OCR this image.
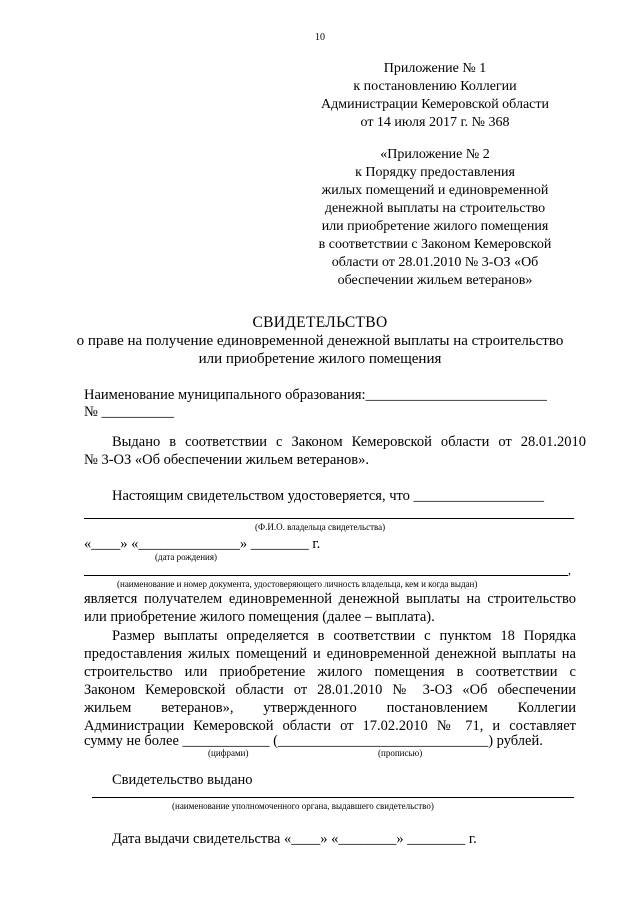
10
Приложение № 1
к постановлению Коллегии
Администрации Кемеровской области
от 14 июля 2017 г. № 368
«Приложение № 2
к Порядку предоставления
жилых помещений и единовременной
денежной выплаты на строительство
или приобретение жилого помещения
в соответствии с Законом Кемеровской
области от 28.01.2010 № 3-ОЗ «Об
обеспечении жильем ветеранов»
СВИДЕТЕЛЬСТВО
о праве на получение единовременной денежной выплаты на строительство
или приобретение жилого помещения
Наименование муниципального образования:_________________________
№ __________
Выдано в соответствии с Законом Кемеровской области от 28.01.2010
№ 3-ОЗ «Об обеспечении жильем ветеранов».
Настоящим свидетельством удостоверяется, что __________________
(Ф.И.О. владельца свидетельства)
«____» «______________» ________ г.
(дата рождения)
,
(наименование и номер документа, удостоверяющего личность владельца, кем и когда выдан)
является получателем единовременной денежной выплаты на строительство
или приобретение жилого помещения (далее – выплата).
Размер выплаты определяется в соответствии с пунктом 18 Порядка
предоставления жилых помещений и единовременной денежной выплаты на
строительство или приобретение жилого помещения в соответствии с
Законом Кемеровской области от 28.01.2010 № 3-ОЗ «Об обеспечении
жильем ветеранов», утвержденного постановлением Коллегии
Администрации Кемеровской области от 17.02.2010 № 71, и составляет
сумму не более ____________ (_____________________________) рублей.
(цифрами)	(прописью)
Свидетельство выдано
(наименование уполномоченного органа, выдавшего свидетельство)
Дата выдачи свидетельства «____» «________» ________ г.
